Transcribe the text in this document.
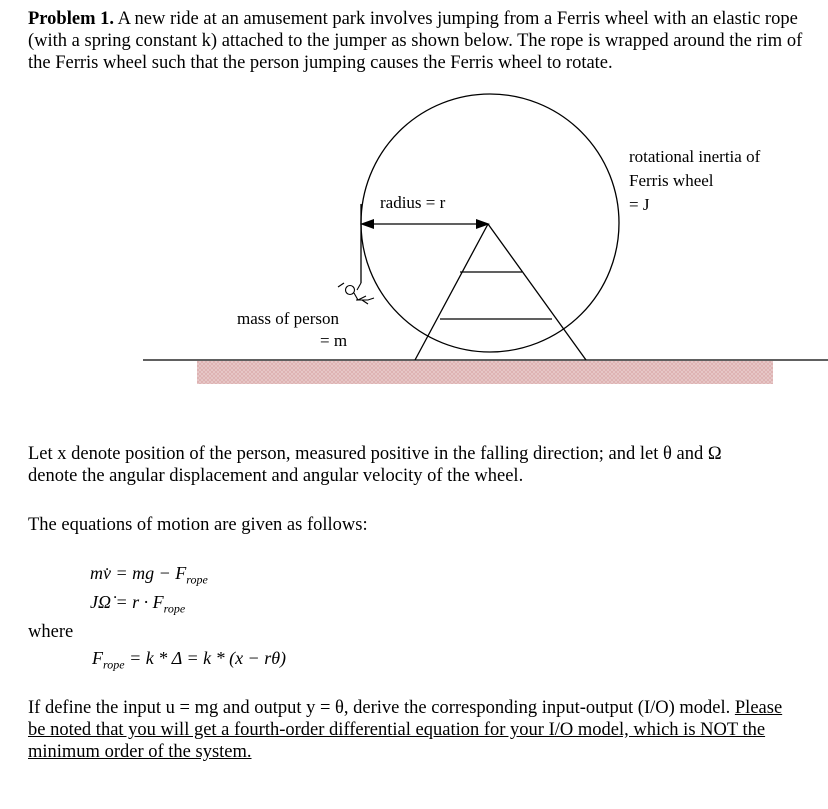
Problem 1. A new ride at an amusement park involves jumping from a Ferris wheel with an elastic rope (with a spring constant k) attached to the jumper as shown below. The rope is wrapped around the rim of the Ferris wheel such that the person jumping causes the Ferris wheel to rotate.
radius = r
rotational inertia of
Ferris wheel
= J
mass of person
= m
Let x denote position of the person, measured positive in the falling direction; and let θ and Ω denote the angular displacement and angular velocity of the wheel.
The equations of motion are given as follows:
mv̇ = mg − $F_{rope}$
JΩ̇ = $r \cdot F_{rope}$
where
$F_{rope} = k * \Delta = k * (x - r\theta)$
If define the input u = mg and output y = θ, derive the corresponding input-output (I/O) model. Please be noted that you will get a fourth-order differential equation for your I/O model, which is NOT the minimum order of the system.
